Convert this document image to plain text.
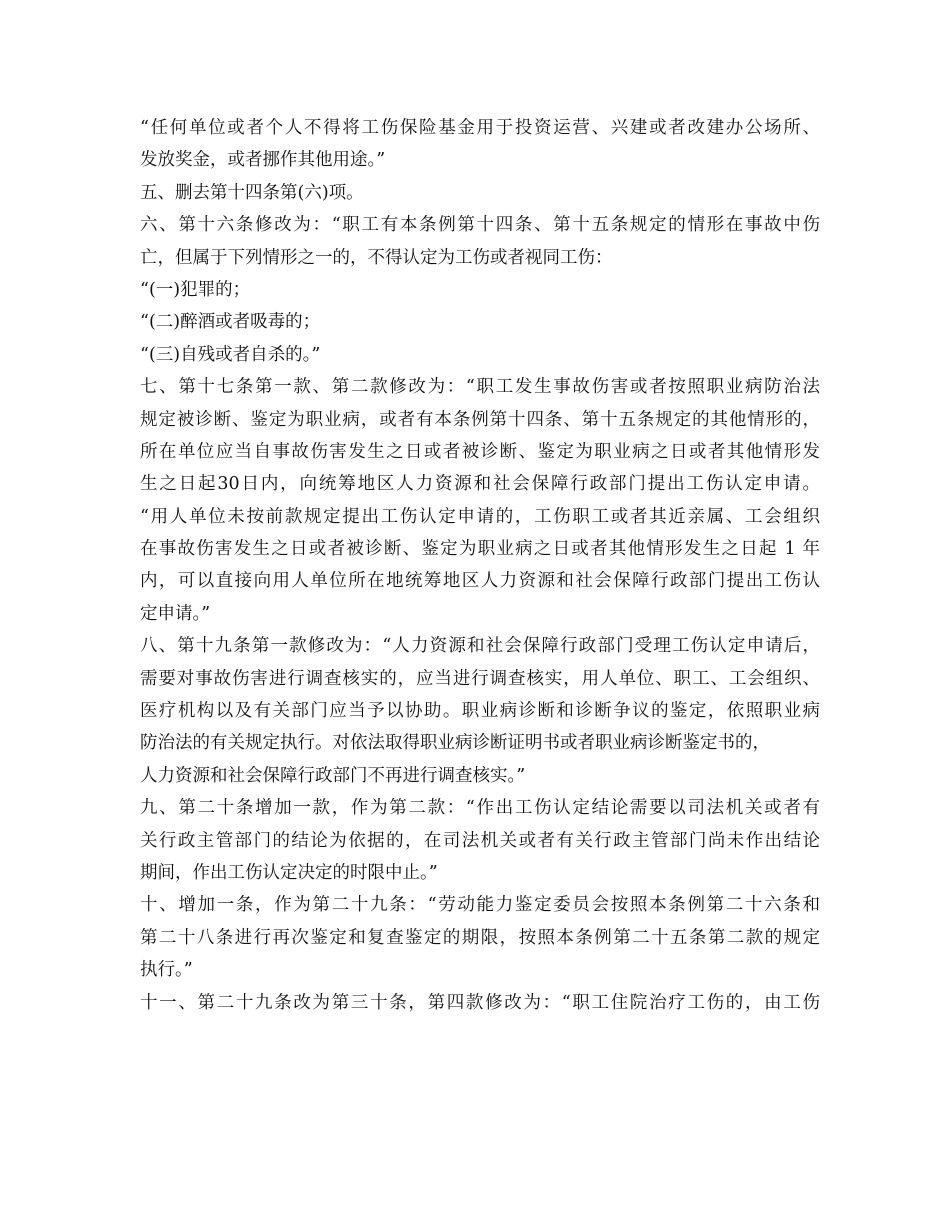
“任何单位或者个人不得将工伤保险基金用于投资运营、兴建或者改建办公场所、
发放奖金，或者挪作其他用途。”
五、删去第十四条第(六)项。
六、第十六条修改为：“职工有本条例第十四条、第十五条规定的情形在事故中伤
亡，但属于下列情形之一的，不得认定为工伤或者视同工伤：
“(一)犯罪的；
“(二)醉酒或者吸毒的；
“(三)自残或者自杀的。”
七、第十七条第一款、第二款修改为：“职工发生事故伤害或者按照职业病防治法
规定被诊断、鉴定为职业病，或者有本条例第十四条、第十五条规定的其他情形的，
所在单位应当自事故伤害发生之日或者被诊断、鉴定为职业病之日或者其他情形发
生之日起30日内，向统筹地区人力资源和社会保障行政部门提出工伤认定申请。
“用人单位未按前款规定提出工伤认定申请的，工伤职工或者其近亲属、工会组织
在事故伤害发生之日或者被诊断、鉴定为职业病之日或者其他情形发生之日起 1 年
内，可以直接向用人单位所在地统筹地区人力资源和社会保障行政部门提出工伤认
定申请。”
八、第十九条第一款修改为：“人力资源和社会保障行政部门受理工伤认定申请后，
需要对事故伤害进行调查核实的，应当进行调查核实，用人单位、职工、工会组织、
医疗机构以及有关部门应当予以协助。职业病诊断和诊断争议的鉴定，依照职业病
防治法的有关规定执行。对依法取得职业病诊断证明书或者职业病诊断鉴定书的，
人力资源和社会保障行政部门不再进行调查核实。”
九、第二十条增加一款，作为第二款：“作出工伤认定结论需要以司法机关或者有
关行政主管部门的结论为依据的，在司法机关或者有关行政主管部门尚未作出结论
期间，作出工伤认定决定的时限中止。”
十、增加一条，作为第二十九条：“劳动能力鉴定委员会按照本条例第二十六条和
第二十八条进行再次鉴定和复查鉴定的期限，按照本条例第二十五条第二款的规定
执行。”
十一、第二十九条改为第三十条，第四款修改为：“职工住院治疗工伤的，由工伤
